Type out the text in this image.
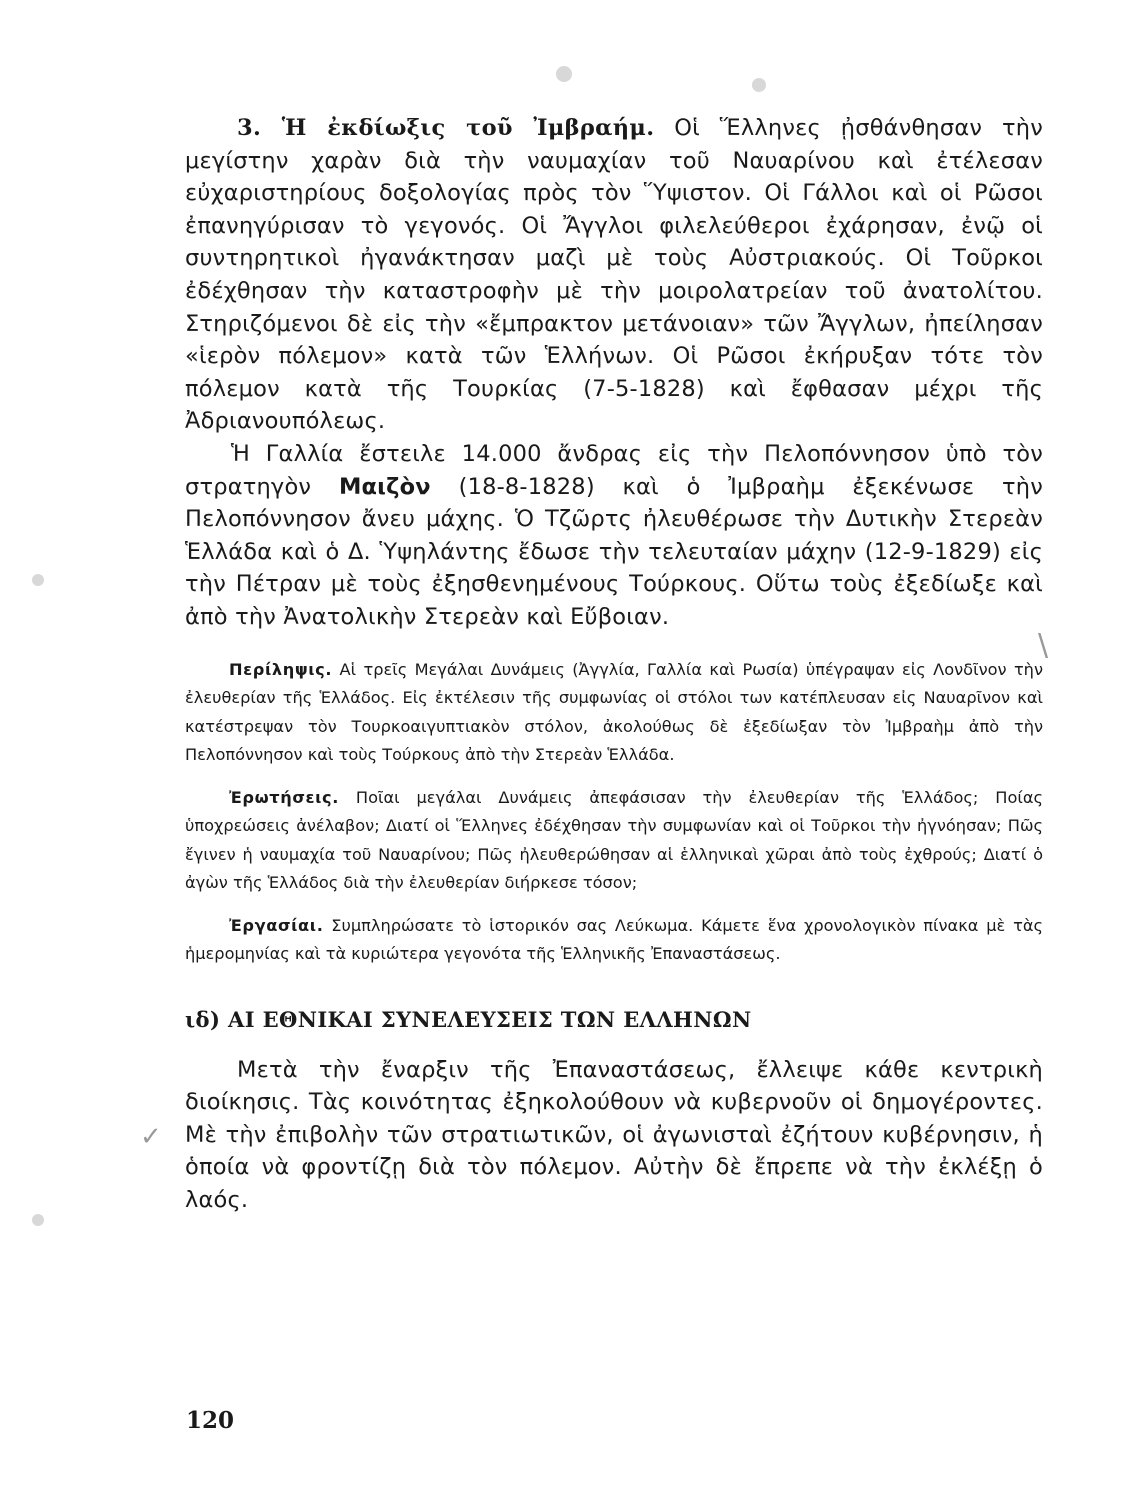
\
✓

3. Ἡ ἐκδίωξις τοῦ Ἰμβραήμ. Οἱ Ἕλληνες ᾐσθάνθησαν τὴν μεγίστην χαρὰν διὰ τὴν ναυμαχίαν τοῦ Ναυαρίνου καὶ ἐτέλεσαν εὐχαριστηρίους δοξολογίας πρὸς τὸν Ὕψιστον. Οἱ Γάλλοι καὶ οἱ Ρῶσοι ἐπανηγύρισαν τὸ γεγονός. Οἱ Ἄγγλοι φιλελεύθεροι ἐχάρησαν, ἐνῷ οἱ συντηρητικοὶ ἠγανάκτησαν μαζὶ μὲ τοὺς Αὐστριακούς. Οἱ Τοῦρκοι ἐδέχθησαν τὴν καταστροφὴν μὲ τὴν μοιρολατρείαν τοῦ ἀνατολίτου. Στηριζόμενοι δὲ εἰς τὴν «ἔμπρακτον μετάνοιαν» τῶν Ἄγγλων, ἠπείλησαν «ἱερὸν πόλεμον» κατὰ τῶν Ἑλλήνων. Οἱ Ρῶσοι ἐκήρυξαν τότε τὸν πόλεμον κατὰ τῆς Τουρκίας (7-5-1828) καὶ ἔφθασαν μέχρι τῆς Ἀδριανουπόλεως.

Ἡ Γαλλία ἔστειλε 14.000 ἄνδρας εἰς τὴν Πελοπόννησον ὑπὸ τὸν στρατηγὸν Μαιζὸν (18-8-1828) καὶ ὁ Ἰμβραὴμ ἐξεκένωσε τὴν Πελοπόννησον ἄνευ μάχης. Ὁ Τζῶρτς ἠλευθέρωσε τὴν Δυτικὴν Στερεὰν Ἑλλάδα καὶ ὁ Δ. Ὑψηλάντης ἔδωσε τὴν τελευταίαν μάχην (12-9-1829) εἰς τὴν Πέτραν μὲ τοὺς ἐξησθενημένους Τούρκους. Οὕτω τοὺς ἐξεδίωξε καὶ ἀπὸ τὴν Ἀνατολικὴν Στερεὰν καὶ Εὔβοιαν.

Περίληψις. Αἱ τρεῖς Μεγάλαι Δυνάμεις (Ἀγγλία, Γαλλία καὶ Ρωσία) ὑπέγραψαν εἰς Λονδῖνον τὴν ἐλευθερίαν τῆς Ἑλλάδος. Εἰς ἐκτέλεσιν τῆς συμφωνίας οἱ στόλοι των κατέπλευσαν εἰς Ναυαρῖνον καὶ κατέστρεψαν τὸν Τουρκοαιγυπτιακὸν στόλον, ἀκολούθως δὲ ἐξεδίωξαν τὸν Ἰμβραὴμ ἀπὸ τὴν Πελοπόννησον καὶ τοὺς Τούρκους ἀπὸ τὴν Στερεὰν Ἑλλάδα.

Ἐρωτήσεις. Ποῖαι μεγάλαι Δυνάμεις ἀπεφάσισαν τὴν ἐλευθερίαν τῆς Ἑλλάδος; Ποίας ὑποχρεώσεις ἀνέλαβον; Διατί οἱ Ἕλληνες ἐδέχθησαν τὴν συμφωνίαν καὶ οἱ Τοῦρκοι τὴν ἠγνόησαν; Πῶς ἔγινεν ἡ ναυμαχία τοῦ Ναυαρίνου; Πῶς ἠλευθερώθησαν αἱ ἑλληνικαὶ χῶραι ἀπὸ τοὺς ἐχθρούς; Διατί ὁ ἀγὼν τῆς Ἑλλάδος διὰ τὴν ἐλευθερίαν διήρκεσε τόσον;

Ἐργασίαι. Συμπληρώσατε τὸ ἱστορικόν σας Λεύκωμα. Κάμετε ἕνα χρονολογικὸν πίνακα μὲ τὰς ἡμερομηνίας καὶ τὰ κυριώτερα γεγονότα τῆς Ἑλληνικῆς Ἐπαναστάσεως.

ιδ) ΑΙ ΕΘΝΙΚΑΙ ΣΥΝΕΛΕΥΣΕΙΣ ΤΩΝ ΕΛΛΗΝΩΝ

Μετὰ τὴν ἔναρξιν τῆς Ἐπαναστάσεως, ἔλλειψε κάθε κεντρικὴ διοίκησις. Τὰς κοινότητας ἐξηκολούθουν νὰ κυβερνοῦν οἱ δημογέροντες. Μὲ τὴν ἐπιβολὴν τῶν στρατιωτικῶν, οἱ ἀγωνισταὶ ἐζήτουν κυβέρνησιν, ἡ ὁποία νὰ φροντίζῃ διὰ τὸν πόλεμον. Αὐτὴν δὲ ἔπρεπε νὰ τὴν ἐκλέξῃ ὁ λαός.

120
